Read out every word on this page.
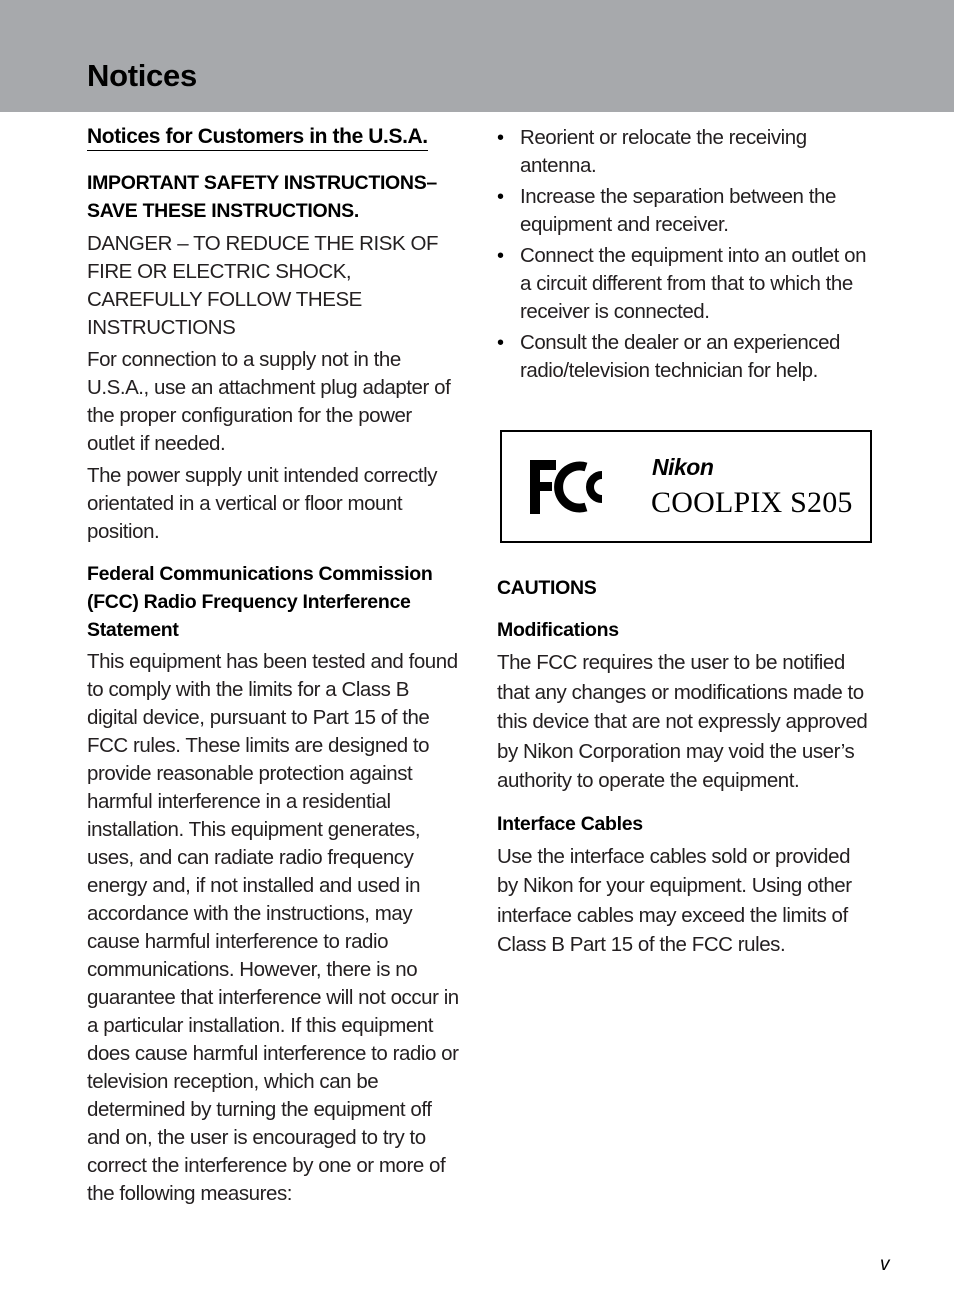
Notices
Notices for Customers in the U.S.A.

IMPORTANT SAFETY INSTRUCTIONS–

SAVE THESE INSTRUCTIONS.

DANGER – TO REDUCE THE RISK OF FIRE OR ELECTRIC SHOCK, CAREFULLY FOLLOW THESE INSTRUCTIONS

For connection to a supply not in the U.S.A., use an attachment plug adapter of the proper configuration for the power outlet if needed.

The power supply unit intended correctly orientated in a vertical or floor mount position.

Federal Communications Commission (FCC) Radio Frequency Interference Statement

This equipment has been tested and found to comply with the limits for a Class B digital device, pursuant to Part 15 of the FCC rules. These limits are designed to provide reasonable protection against harmful interference in a residential installation. This equipment generates, uses, and can radiate radio frequency energy and, if not installed and used in accordance with the instructions, may cause harmful interference to radio communications. However, there is no guarantee that interference will not occur in a particular installation. If this equipment does cause harmful interference to radio or television reception, which can be determined by turning the equipment off and on, the user is encouraged to try to correct the interference by one or more of the following measures:

• Reorient or relocate the receiving antenna.
• Increase the separation between the equipment and receiver.
• Connect the equipment into an outlet on a circuit different from that to which the receiver is connected.
• Consult the dealer or an experienced radio/television technician for help.

CAUTIONS

Modifications

The FCC requires the user to be notified that any changes or modifications made to this device that are not expressly approved by Nikon Corporation may void the user’s authority to operate the equipment.

Interface Cables

Use the interface cables sold or provided by Nikon for your equipment. Using other interface cables may exceed the limits of Class B Part 15 of the FCC rules.

Nikon
COOLPIX S205
v
